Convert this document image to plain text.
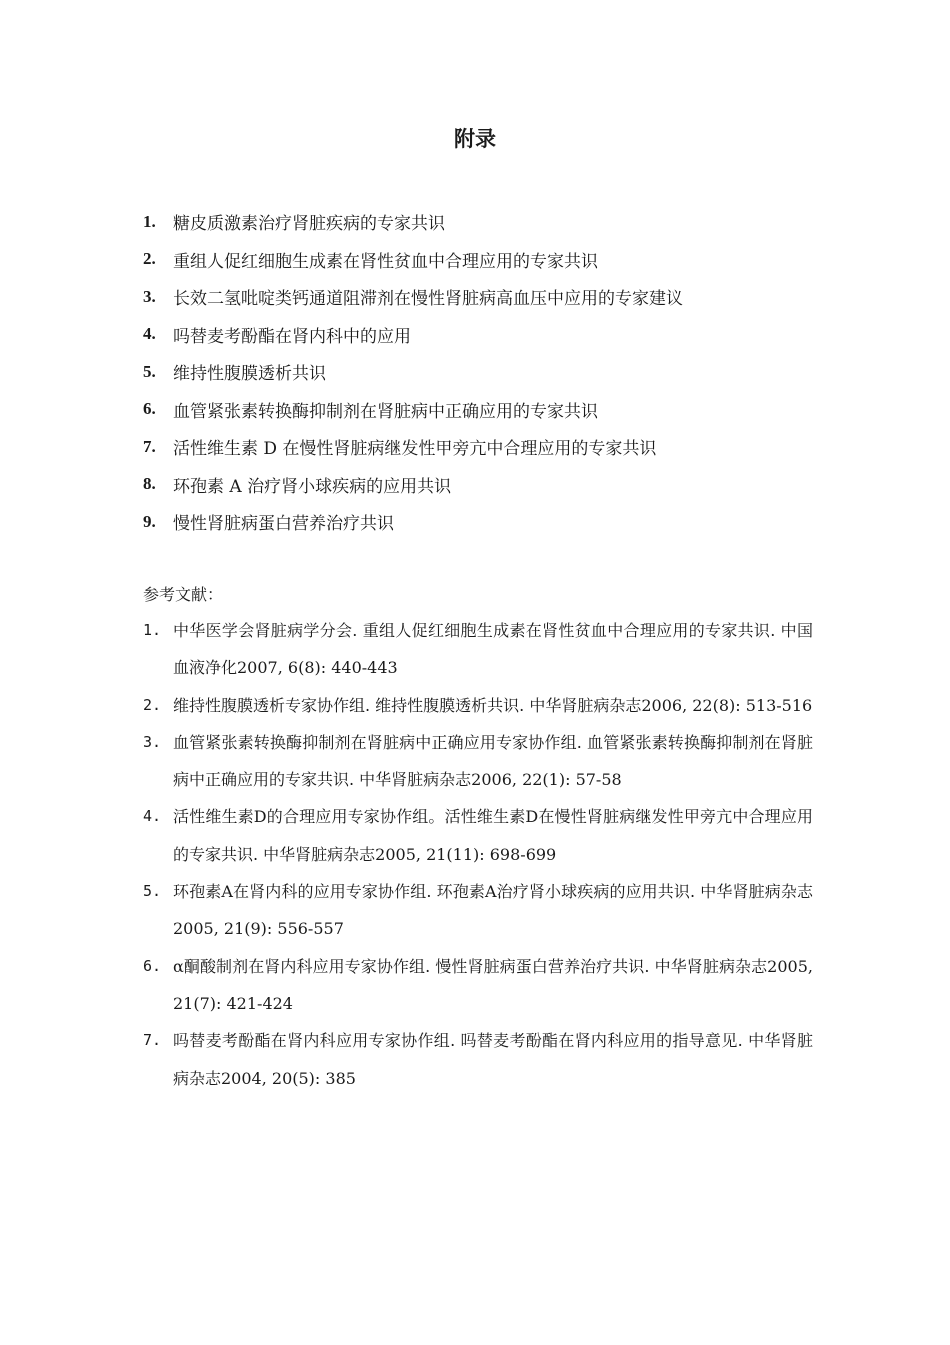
附录
1.	糖皮质激素治疗肾脏疾病的专家共识
2.	重组人促红细胞生成素在肾性贫血中合理应用的专家共识
3.	长效二氢吡啶类钙通道阻滞剂在慢性肾脏病高血压中应用的专家建议
4.	吗替麦考酚酯在肾内科中的应用
5.	维持性腹膜透析共识
6.	血管紧张素转换酶抑制剂在肾脏病中正确应用的专家共识
7.	活性维生素 D 在慢性肾脏病继发性甲旁亢中合理应用的专家共识
8.	环孢素 A 治疗肾小球疾病的应用共识
9.	慢性肾脏病蛋白营养治疗共识
参考文献：
1. 中华医学会肾脏病学分会. 重组人促红细胞生成素在肾性贫血中合理应用的专家共识. 中国血液净化2007, 6(8): 440-443
2. 维持性腹膜透析专家协作组. 维持性腹膜透析共识. 中华肾脏病杂志2006, 22(8): 513-516
3. 血管紧张素转换酶抑制剂在肾脏病中正确应用专家协作组. 血管紧张素转换酶抑制剂在肾脏病中正确应用的专家共识. 中华肾脏病杂志2006, 22(1): 57-58
4. 活性维生素D的合理应用专家协作组。活性维生素D在慢性肾脏病继发性甲旁亢中合理应用的专家共识. 中华肾脏病杂志2005, 21(11): 698-699
5. 环孢素A在肾内科的应用专家协作组. 环孢素A治疗肾小球疾病的应用共识. 中华肾脏病杂志2005, 21(9): 556-557
6. α酮酸制剂在肾内科应用专家协作组. 慢性肾脏病蛋白营养治疗共识. 中华肾脏病杂志2005, 21(7): 421-424
7. 吗替麦考酚酯在肾内科应用专家协作组. 吗替麦考酚酯在肾内科应用的指导意见. 中华肾脏病杂志2004, 20(5): 385
